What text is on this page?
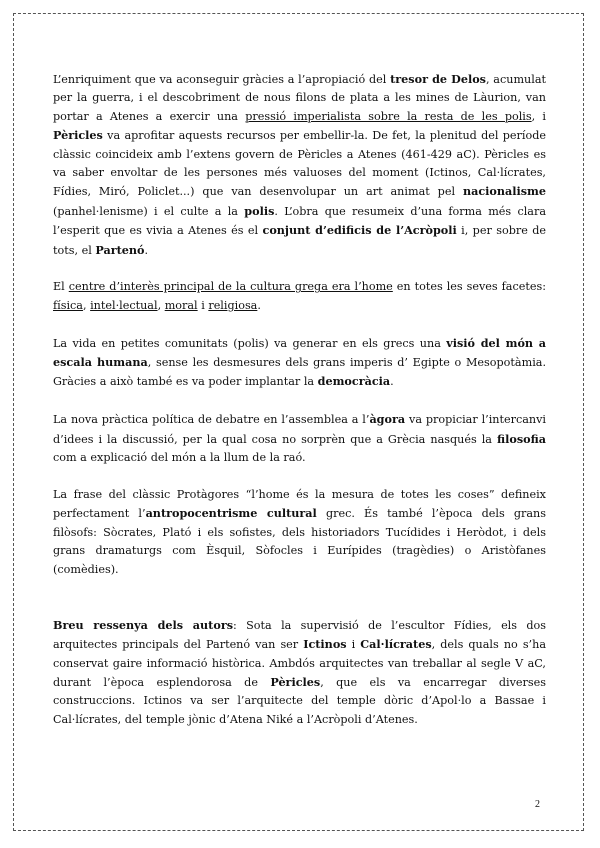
L’enriquiment que va aconseguir gràcies a l’apropiació del tresor de Delos, acumulat per la guerra, i el descobriment de nous filons de plata a les mines de Làurion, van portar a Atenes a exercir una pressió imperialista sobre la resta de les polis, i Pèricles va aprofitar aquests recursos per embellir-la. De fet, la plenitud del període clàssic coincideix amb l’extens govern de Pèricles a Atenes (461-429 aC). Pèricles es va saber envoltar de les persones més valuoses del moment (Ictinos, Cal·lícrates, Fídies, Miró, Policlet...) que van desenvolupar un art animat pel nacionalisme (panhel·lenisme) i el culte a la polis. L’obra que resumeix d’una forma més clara l’esperit que es vivia a Atenes és el conjunt d’edificis de l’Acròpoli i, per sobre de tots, el Partenó.

El centre d’interès principal de la cultura grega era l’home en totes les seves facetes: física, intel·lectual, moral i religiosa.

La vida en petites comunitats (polis) va generar en els grecs una visió del món a escala humana, sense les desmesures dels grans imperis d’ Egipte o Mesopotàmia. Gràcies a això també es va poder implantar la democràcia.

La nova pràctica política de debatre en l’assemblea a l’àgora va propiciar l’intercanvi d’idees i la discussió, per la qual cosa no sorprèn que a Grècia nasqués la filosofia com a explicació del món a la llum de la raó.

La frase del clàssic Protàgores “l’home és la mesura de totes les coses” defineix perfectament l’antropocentrisme cultural grec. És també l’època dels grans filòsofs: Sòcrates, Plató i els sofistes, dels historiadors Tucídides i Heròdot, i dels grans dramaturgs com Èsquil, Sòfocles i Eurípides (tragèdies) o Aristòfanes (comèdies).

Breu ressenya dels autors: Sota la supervisió de l’escultor Fídies, els dos arquitectes principals del Partenó van ser Ictinos i Cal·lícrates, dels quals no s’ha conservat gaire informació històrica. Ambdós arquitectes van treballar al segle V aC, durant l’època esplendorosa de Pèricles, que els va encarregar diverses construccions. Ictinos va ser l’arquitecte del temple dòric d’Apol·lo a Bassae i Cal·lícrates, del temple jònic d’Atena Niké a l’Acròpoli d’Atenes.

2
